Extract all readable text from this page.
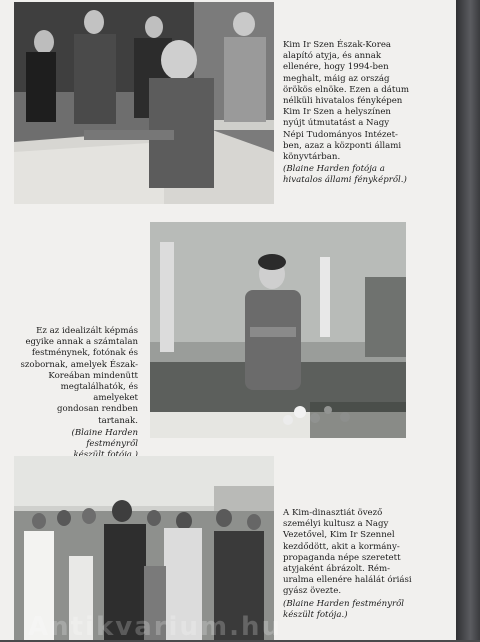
Kim Ir Szen Észak-Korea

alapító atyja, és annak

ellenére, hogy 1994-ben

meghalt, máig az ország

örökös elnöke. Ezen a dátum

nélküli hivatalos fényképen

Kim Ir Szen a helyszínen

nyújt útmutatást a Nagy

Népi Tudományos Intézet-

ben, azaz a központi állami

könyvtárban.

(Blaine Harden fotója a

hivatalos állami fényképről.)

Ez az idealizált képmás

egyike annak a számtalan

festménynek, fotónak és

szobornak, amelyek Észak-

Koreában mindenütt

megtalálhatók, és amelyeket

gondosan rendben tartanak.

(Blaine Harden festményről

A Kim-dinasztiát övező

személyi kultusz a Nagy

Vezetővel, Kim Ir Szennel

kezdődött, akit a kormány-

propaganda népe szeretett

atyjaként ábrázolt. Rém-

uralma ellenére halálát óriási

gyász övezte.

(Blaine Harden festményről

készült fotója.)

Antikvarium.hu
